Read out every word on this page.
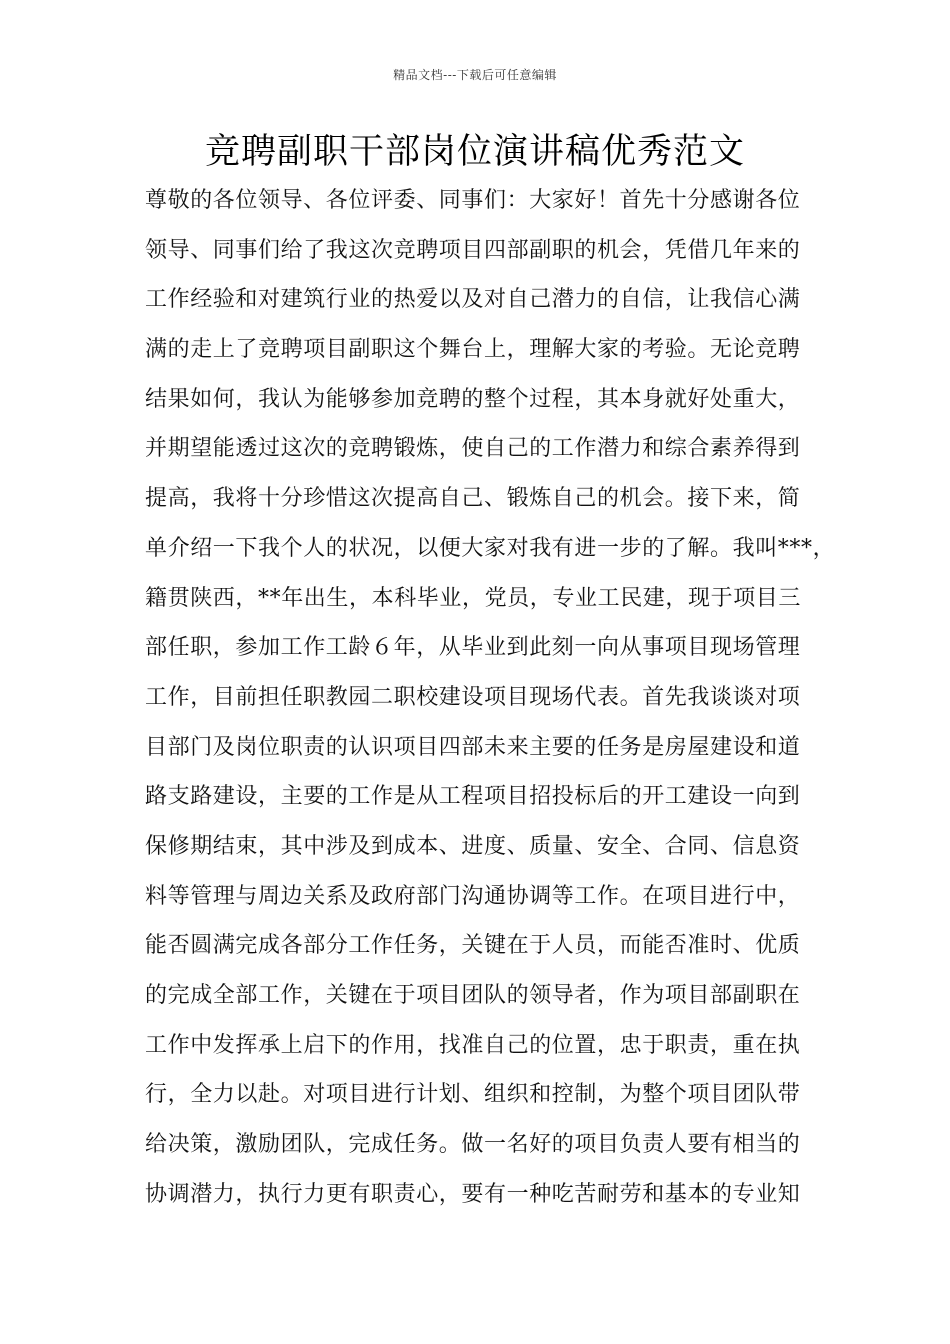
精品文档---下载后可任意编辑
竞聘副职干部岗位演讲稿优秀范文
尊敬的各位领导、各位评委、同事们：大家好！首先十分感谢各位
领导、同事们给了我这次竞聘项目四部副职的机会，凭借几年来的
工作经验和对建筑行业的热爱以及对自己潜力的自信，让我信心满
满的走上了竞聘项目副职这个舞台上，理解大家的考验。无论竞聘
结果如何，我认为能够参加竞聘的整个过程，其本身就好处重大，
并期望能透过这次的竞聘锻炼，使自己的工作潜力和综合素养得到
提高，我将十分珍惜这次提高自己、锻炼自己的机会。接下来，简
单介绍一下我个人的状况，以便大家对我有进一步的了解。我叫***，
籍贯陕西，**年出生，本科毕业，党员，专业工民建，现于项目三
部任职，参加工作工龄６年，从毕业到此刻一向从事项目现场管理
工作，目前担任职教园二职校建设项目现场代表。首先我谈谈对项
目部门及岗位职责的认识项目四部未来主要的任务是房屋建设和道
路支路建设，主要的工作是从工程项目招投标后的开工建设一向到
保修期结束，其中涉及到成本、进度、质量、安全、合同、信息资
料等管理与周边关系及政府部门沟通协调等工作。在项目进行中，
能否圆满完成各部分工作任务，关键在于人员，而能否准时、优质
的完成全部工作，关键在于项目团队的领导者，作为项目部副职在
工作中发挥承上启下的作用，找准自己的位置，忠于职责，重在执
行，全力以赴。对项目进行计划、组织和控制，为整个项目团队带
给决策，激励团队，完成任务。做一名好的项目负责人要有相当的
协调潜力，执行力更有职责心，要有一种吃苦耐劳和基本的专业知
